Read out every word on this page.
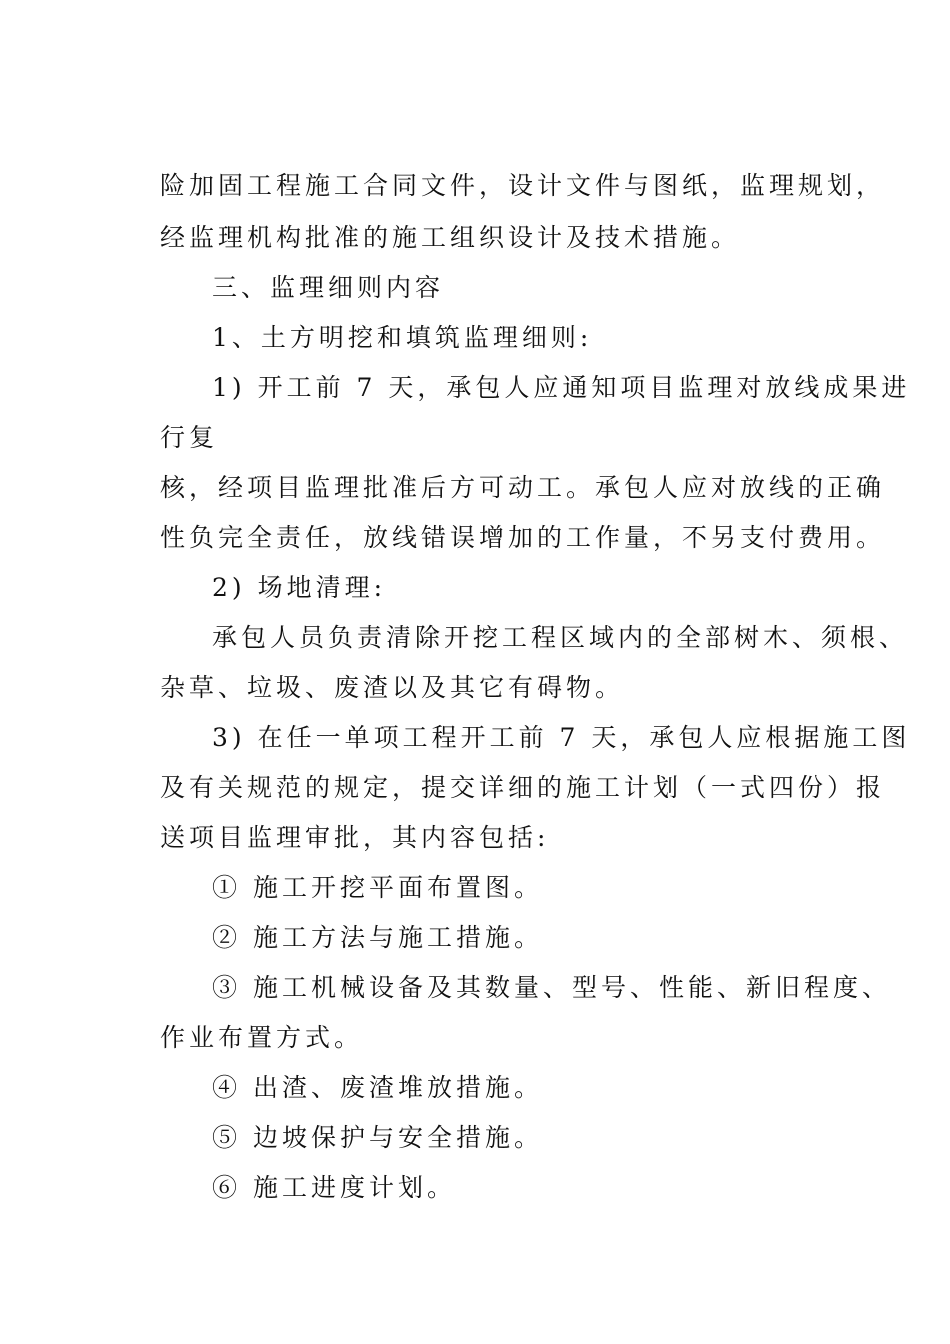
险加固工程施工合同文件，设计文件与图纸，监理规划，
经监理机构批准的施工组织设计及技术措施。
三、监理细则内容
1、土方明挖和填筑监理细则:
1) 开工前 7 天，承包人应通知项目监理对放线成果进
行复
核，经项目监理批准后方可动工。承包人应对放线的正确
性负完全责任，放线错误增加的工作量，不另支付费用。
2) 场地清理:
承包人员负责清除开挖工程区域内的全部树木、须根、
杂草、垃圾、废渣以及其它有碍物。
3) 在任一单项工程开工前 7 天，承包人应根据施工图
及有关规范的规定，提交详细的施工计划（一式四份）报
送项目监理审批，其内容包括:
① 施工开挖平面布置图。
② 施工方法与施工措施。
③ 施工机械设备及其数量、型号、性能、新旧程度、
作业布置方式。
④ 出渣、废渣堆放措施。
⑤ 边坡保护与安全措施。
⑥ 施工进度计划。
